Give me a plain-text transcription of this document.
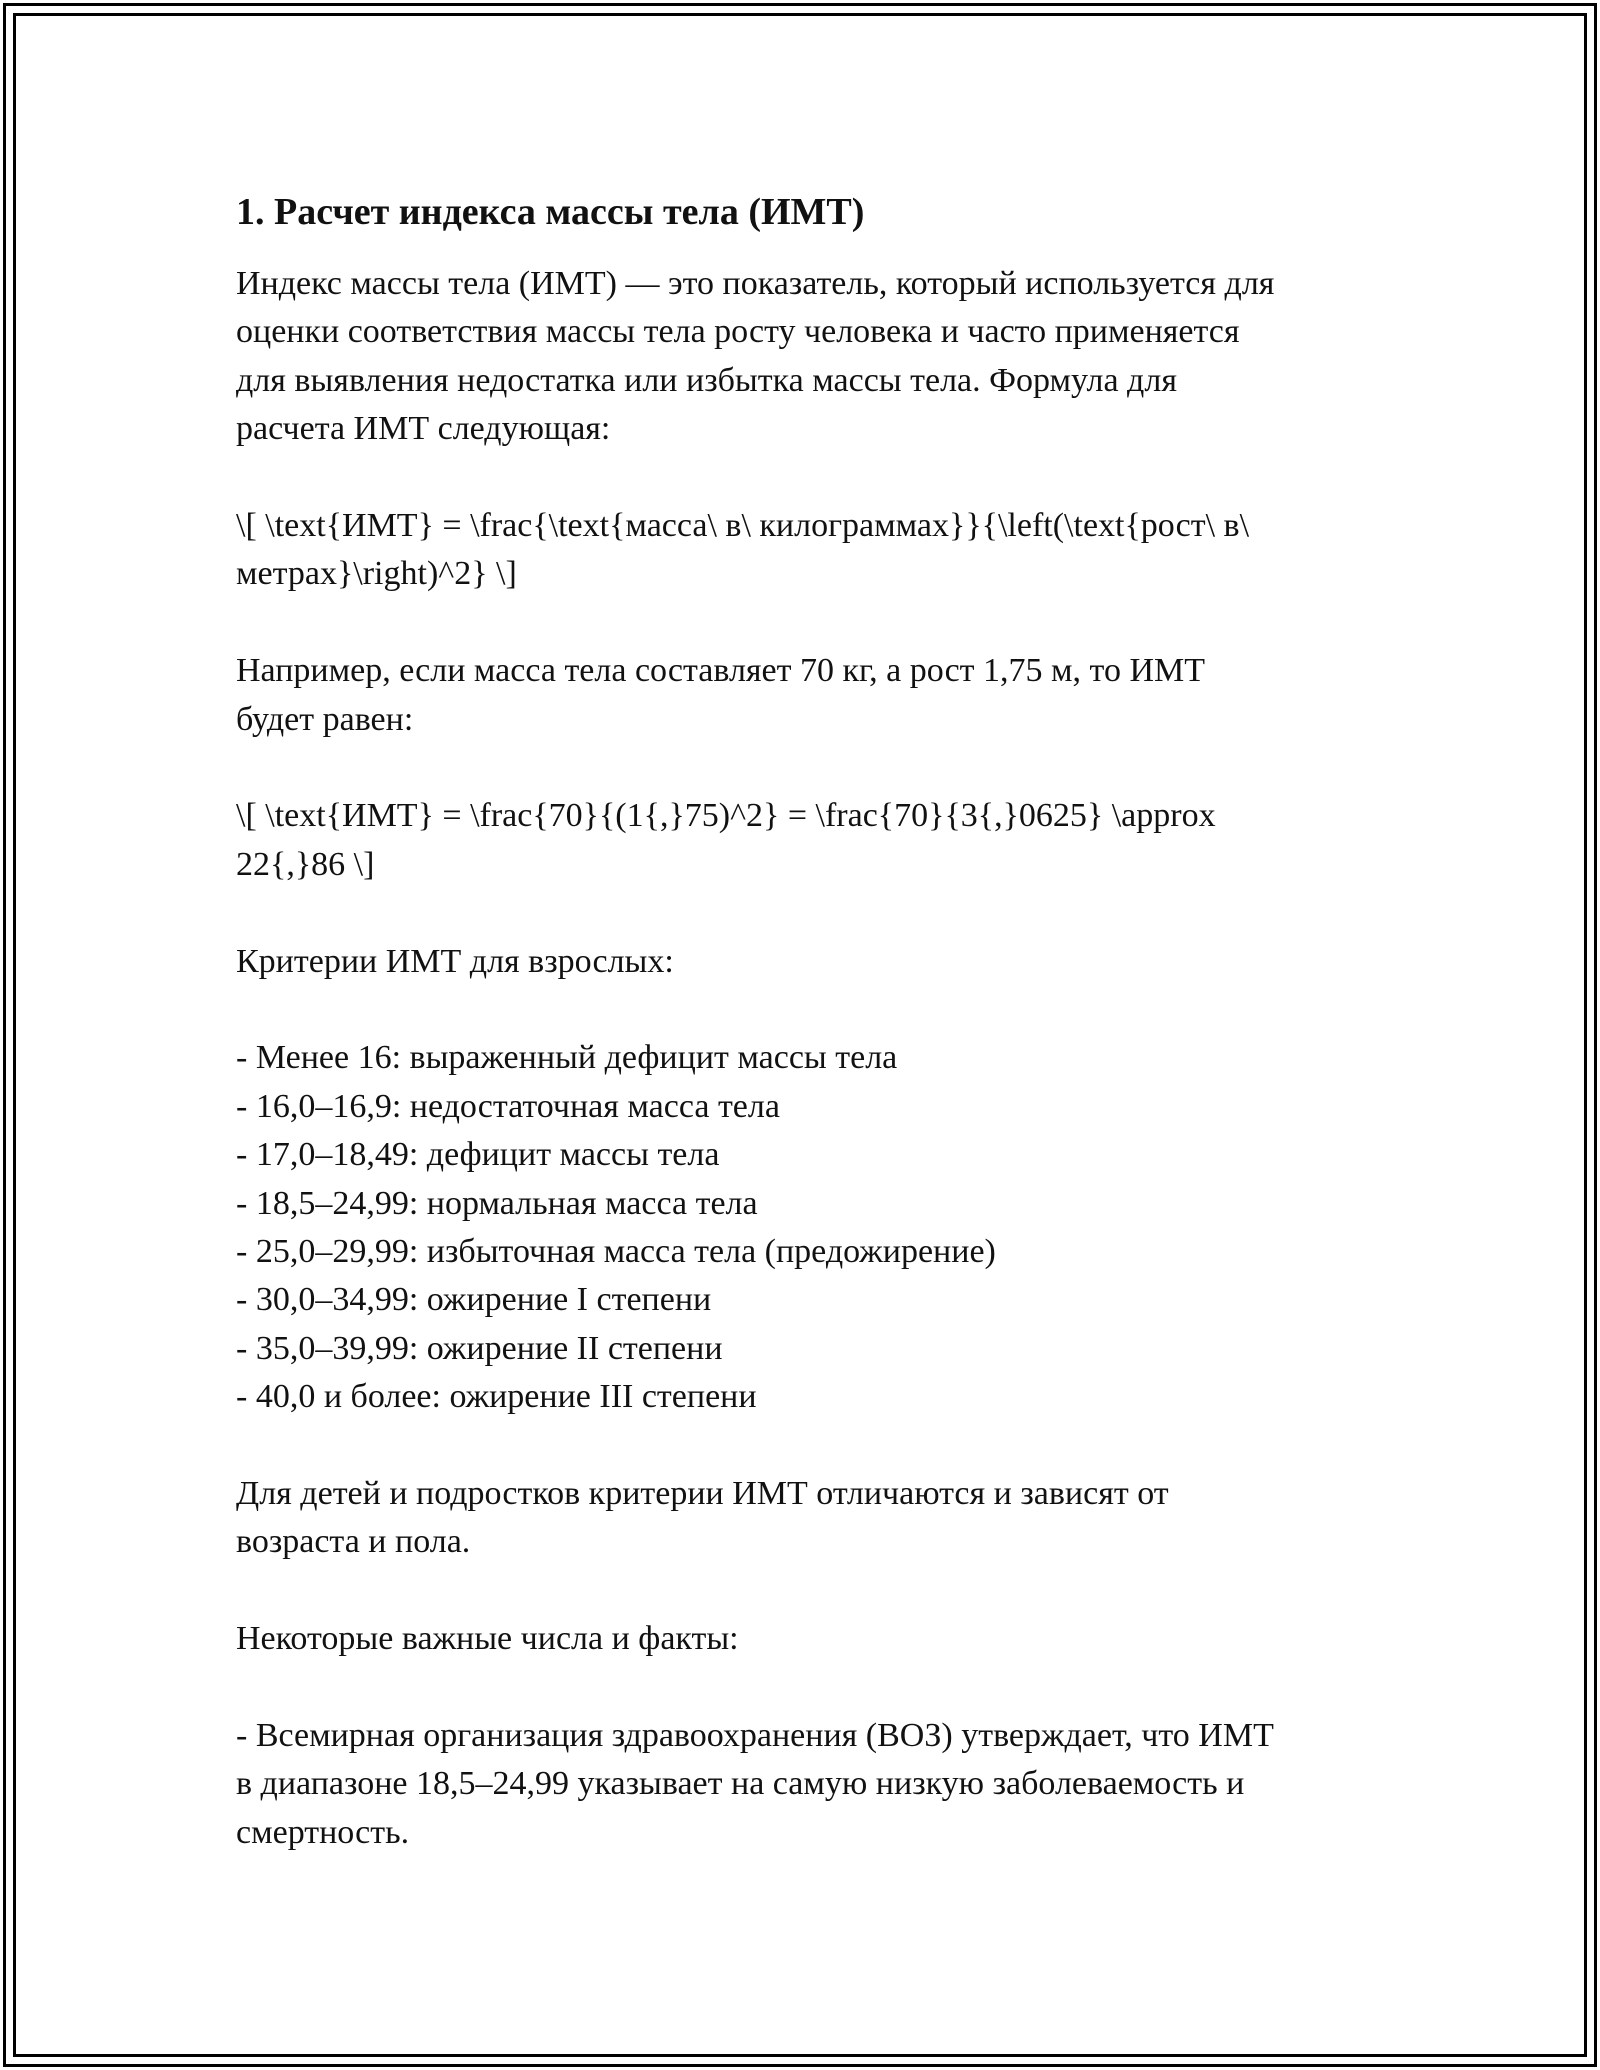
1. Расчет индекса массы тела (ИМТ)
Индекс массы тела (ИМТ) — это показатель, который используется для
оценки соответствия массы тела росту человека и часто применяется
для выявления недостатка или избытка массы тела. Формула для
расчета ИМТ следующая:
\[ \text{ИМТ} = \frac{\text{масса\ в\ килограммах}}{\left(\text{рост\ в\
метрах}\right)^2} \]
Например, если масса тела составляет 70 кг, а рост 1,75 м, то ИМТ
будет равен:
\[ \text{ИМТ} = \frac{70}{(1{,}75)^2} = \frac{70}{3{,}0625} \approx
22{,}86 \]
Критерии ИМТ для взрослых:
- Менее 16: выраженный дефицит массы тела
- 16,0–16,9: недостаточная масса тела
- 17,0–18,49: дефицит массы тела
- 18,5–24,99: нормальная масса тела
- 25,0–29,99: избыточная масса тела (предожирение)
- 30,0–34,99: ожирение I степени
- 35,0–39,99: ожирение II степени
- 40,0 и более: ожирение III степени
Для детей и подростков критерии ИМТ отличаются и зависят от
возраста и пола.
Некоторые важные числа и факты:
- Всемирная организация здравоохранения (ВОЗ) утверждает, что ИМТ
в диапазоне 18,5–24,99 указывает на самую низкую заболеваемость и
смертность.
